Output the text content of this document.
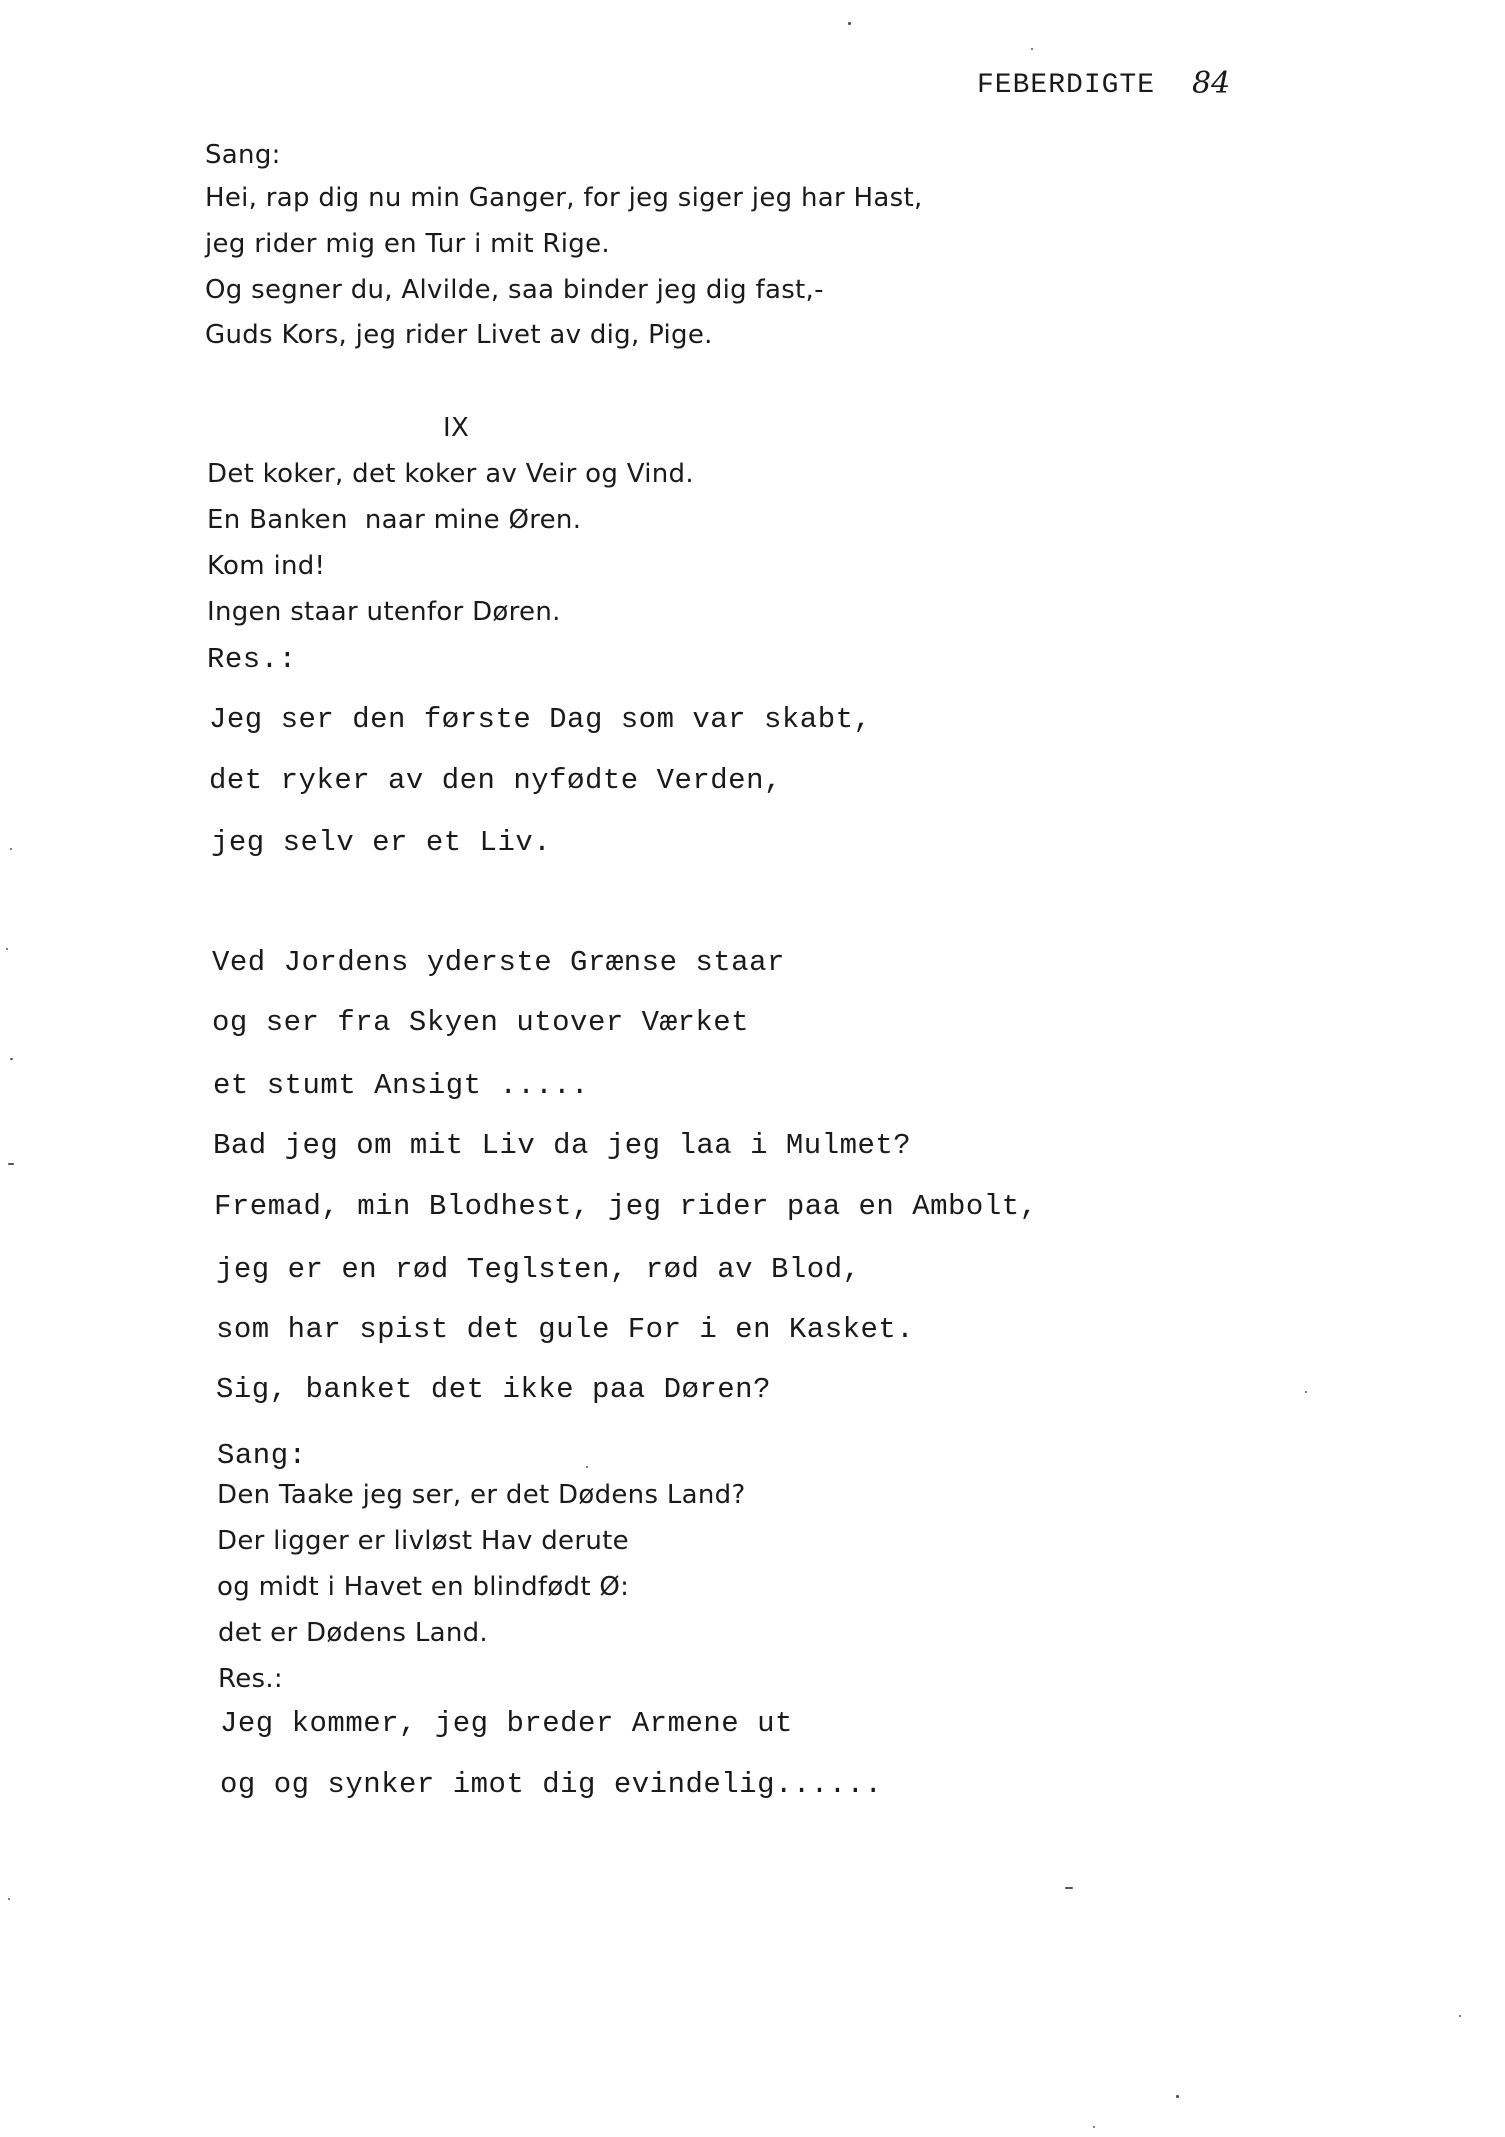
FEBERDIGTE 84
Sang:
Hei, rap dig nu min Ganger, for jeg siger jeg har Hast,
jeg rider mig en Tur i mit Rige.
Og segner du, Alvilde, saa binder jeg dig fast,-
Guds Kors, jeg rider Livet av dig, Pige.
IX
Det koker, det koker av Veir og Vind.
En Banken  naar mine Øren.
Kom ind!
Ingen staar utenfor Døren.
Res.:
Jeg ser den første Dag som var skabt,
det ryker av den nyfødte Verden,
jeg selv er et Liv.
Ved Jordens yderste Grænse staar
og ser fra Skyen utover Værket
et stumt Ansigt .....
Bad jeg om mit Liv da jeg laa i Mulmet?
Fremad, min Blodhest, jeg rider paa en Ambolt,
jeg er en rød Teglsten, rød av Blod,
som har spist det gule For i en Kasket.
Sig, banket det ikke paa Døren?
Sang:
Den Taake jeg ser, er det Dødens Land?
Der ligger er livløst Hav derute
og midt i Havet en blindfødt Ø:
det er Dødens Land.
Res.:
Jeg kommer, jeg breder Armene ut
og og synker imot dig evindelig......
